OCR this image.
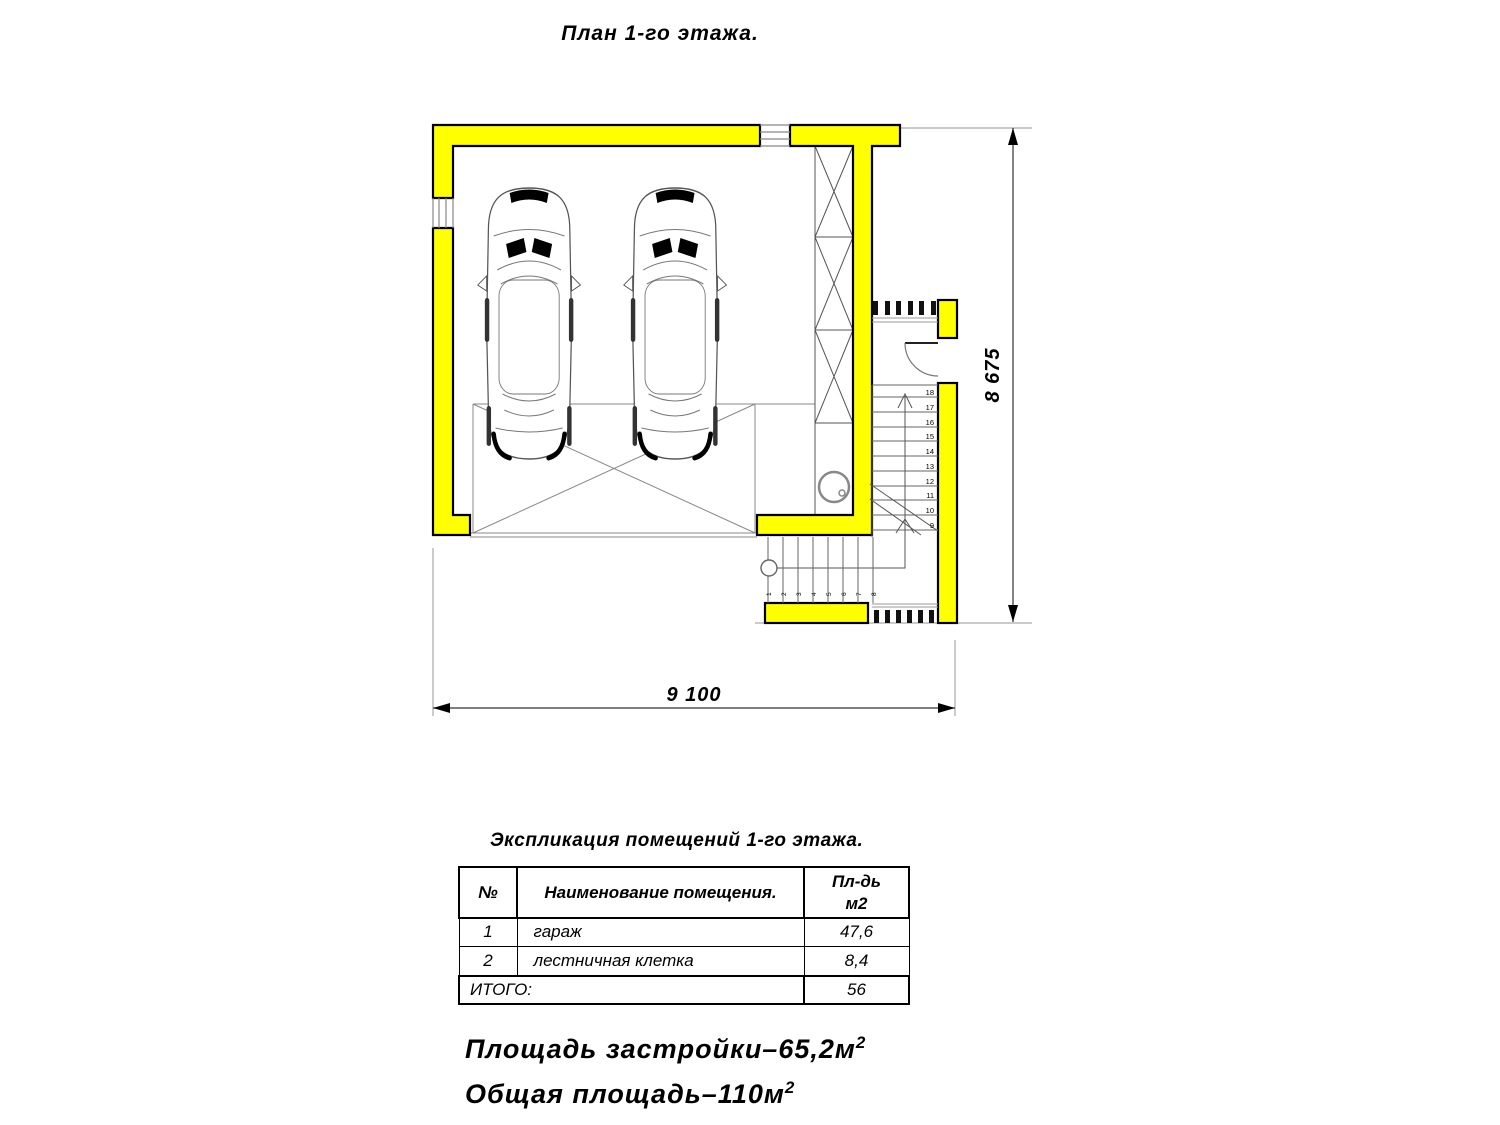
План 1-го этажа.
18
17
16
15
14
13
12
11
10
9
1 2 3 4 5 6 7 8
8 675
9 100
Экспликация помещений 1-го этажа.
№	Наименование помещения.	Пл-дь
м2

1	гараж	47,6
2	лестничная клетка	8,4
ИТОГО:		56
Площадь застройки–$65,2м^2$
Общая площадь–$110м^2$
